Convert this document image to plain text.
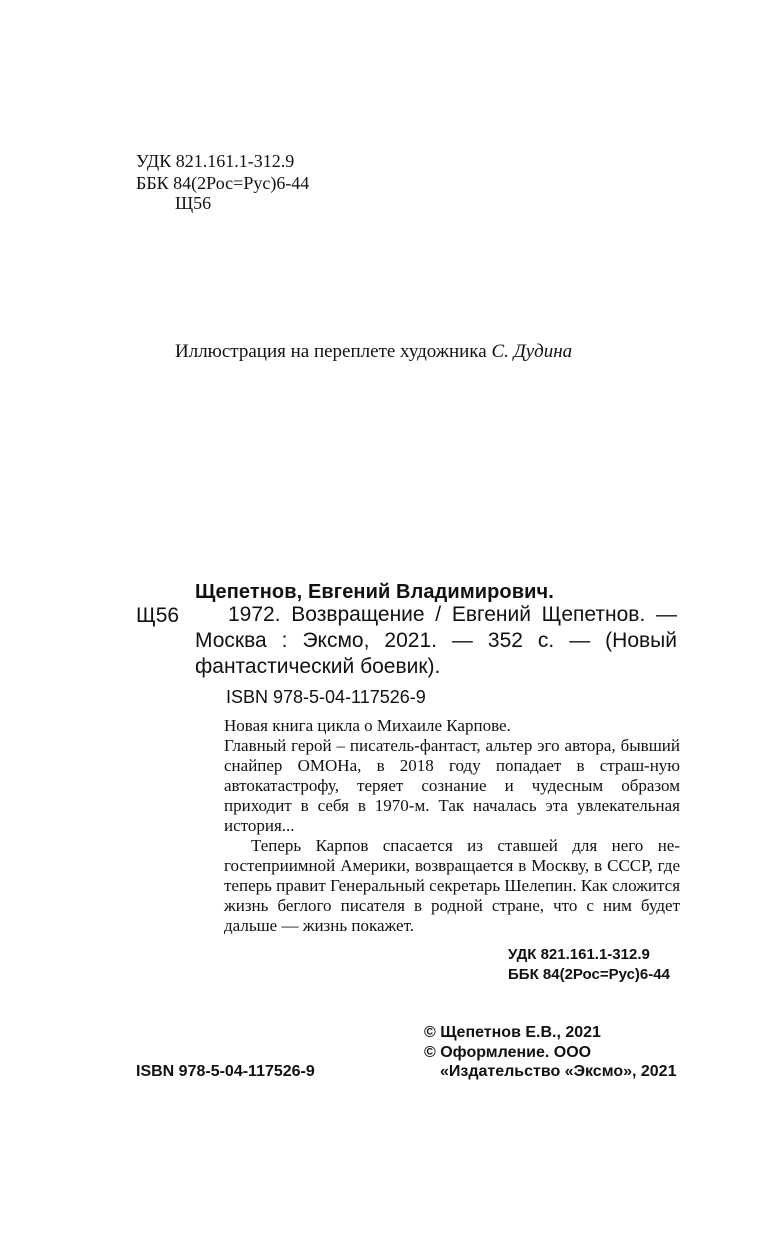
УДК 821.161.1-312.9
ББК 84(2Рос=Рус)6-44
Щ56
Иллюстрация на переплете художника С. Дудина
Щепетнов, Евгений Владимирович.
Щ56	1972. Возвращение / Евгений Щепетнов. — Москва : Эксмо, 2021. — 352 с. — (Новый фантастический боевик).
ISBN 978-5-04-117526-9

Новая книга цикла о Михаиле Карпове.

Главный герой – писатель-фантаст, альтер эго автора, бывший снайпер ОМОНа, в 2018 году попадает в страш-ную автокатастрофу, теряет сознание и чудесным образом приходит в себя в 1970-м. Так началась эта увлекательная история...

Теперь Карпов спасается из ставшей для него не-гостеприимной Америки, возвращается в Москву, в СССР, где теперь правит Генеральный секретарь Шелепин. Как сложится жизнь беглого писателя в родной стране, что с ним будет дальше — жизнь покажет.

УДК 821.161.1-312.9
ББК 84(2Рос=Рус)6-44
© Щепетнов Е.В., 2021
© Оформление. ООО
«Издательство «Эксмо», 2021
ISBN 978-5-04-117526-9
